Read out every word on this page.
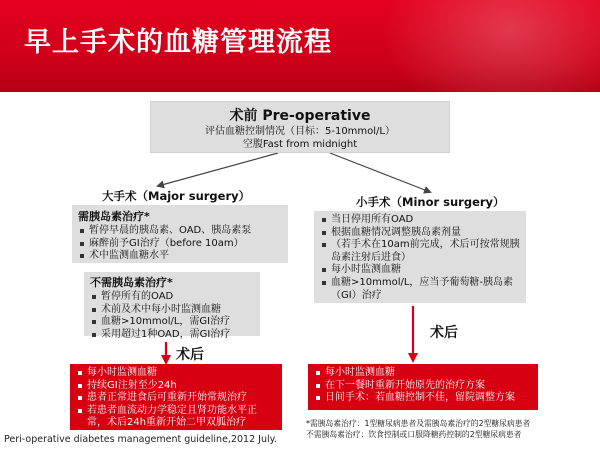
早上手术的血糖管理流程
术前 Pre-operative
评估血糖控制情况（目标：5-10mmol/L）
空腹Fast from midnight
大手术（Major surgery）	小手术（Minor surgery）
需胰岛素治疗*
暂停早晨的胰岛素、OAD、胰岛素泵
麻醉前予GI治疗（before 10am）
术中监测血糖水平
不需胰岛素治疗*
暂停所有的OAD
术前及术中每小时监测血糖
血糖>10mmol/L，需GI治疗
采用超过1种OAD，需GI治疗
术后
每小时监测血糖
持续GI注射至少24h
患者正常进食后可重新开始常规治疗
若患者血流动力学稳定且肾功能水平正常，术后24h重新开始二甲双胍治疗
当日停用所有OAD
根据血糖情况调整胰岛素剂量
（若手术在10am前完成，术后可按常规胰岛素注射后进食）
每小时监测血糖
血糖>10mmol/L，应当予葡萄糖-胰岛素（GI）治疗
术后
每小时监测血糖
在下一餐时重新开始原先的治疗方案
日间手术：若血糖控制不佳，留院调整方案
*需胰岛素治疗：1型糖尿病患者及需胰岛素治疗的2型糖尿病患者
不需胰岛素治疗：饮食控制或口服降糖药控制的2型糖尿病患者
Peri-operative diabetes management guideline,2012 July.
